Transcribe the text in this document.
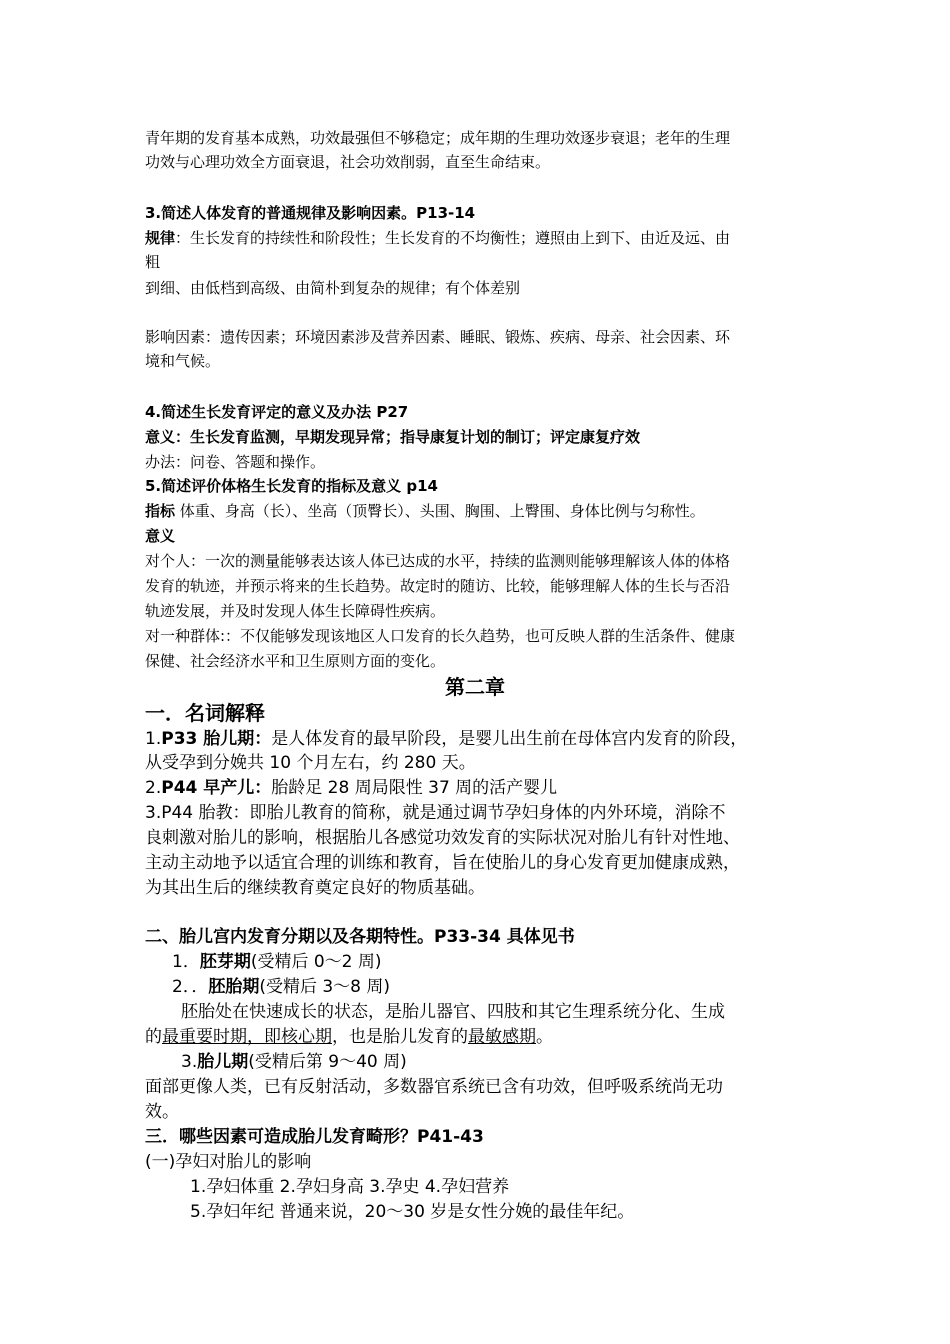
青年期的发育基本成熟，功效最强但不够稳定；成年期的生理功效逐步衰退；老年的生理
功效与心理功效全方面衰退，社会功效削弱，直至生命结束。
3.简述人体发育的普通规律及影响因素。P13-14
规律：生长发育的持续性和阶段性；生长发育的不均衡性；遵照由上到下、由近及远、由
粗
到细、由低档到高级、由简朴到复杂的规律；有个体差别
影响因素：遗传因素；环境因素涉及营养因素、睡眠、锻炼、疾病、母亲、社会因素、环
境和气候。
4.简述生长发育评定的意义及办法 P27
意义：生长发育监测，早期发现异常；指导康复计划的制订；评定康复疗效
办法：问卷、答题和操作。
5.简述评价体格生长发育的指标及意义 p14
指标 体重、身高（长）、坐高（顶臀长）、头围、胸围、上臀围、身体比例与匀称性。
意义
对个人：一次的测量能够表达该人体已达成的水平，持续的监测则能够理解该人体的体格
发育的轨迹，并预示将来的生长趋势。故定时的随访、比较，能够理解人体的生长与否沿
轨迹发展，并及时发现人体生长障碍性疾病。
对一种群体:：不仅能够发现该地区人口发育的长久趋势，也可反映人群的生活条件、健康
保健、社会经济水平和卫生原则方面的变化。
第二章
一．名词解释
1.P33 胎儿期：是人体发育的最早阶段，是婴儿出生前在母体宫内发育的阶段，
从受孕到分娩共 10 个月左右，约 280 天。
2.P44 早产儿：胎龄足 28 周局限性 37 周的活产婴儿
3.P44 胎教：即胎儿教育的简称，就是通过调节孕妇身体的内外环境，消除不
良刺激对胎儿的影响，根据胎儿各感觉功效发育的实际状况对胎儿有针对性地、
主动主动地予以适宜合理的训练和教育，旨在使胎儿的身心发育更加健康成熟，
为其出生后的继续教育奠定良好的物质基础。
二、胎儿宫内发育分期以及各期特性。P33-34 具体见书
1．胚芽期(受精后 0～2 周)
2．．胚胎期(受精后 3～8 周)
胚胎处在快速成长的状态，是胎儿器官、四肢和其它生理系统分化、生成
的最重要时期，即核心期，也是胎儿发育的最敏感期。
3.胎儿期(受精后第 9～40 周)
面部更像人类，已有反射活动，多数器官系统已含有功效，但呼吸系统尚无功
效。
三．哪些因素可造成胎儿发育畸形？P41-43
(一)孕妇对胎儿的影响
1.孕妇体重 2.孕妇身高 3.孕史 4.孕妇营养
5.孕妇年纪 普通来说，20～30 岁是女性分娩的最佳年纪。
